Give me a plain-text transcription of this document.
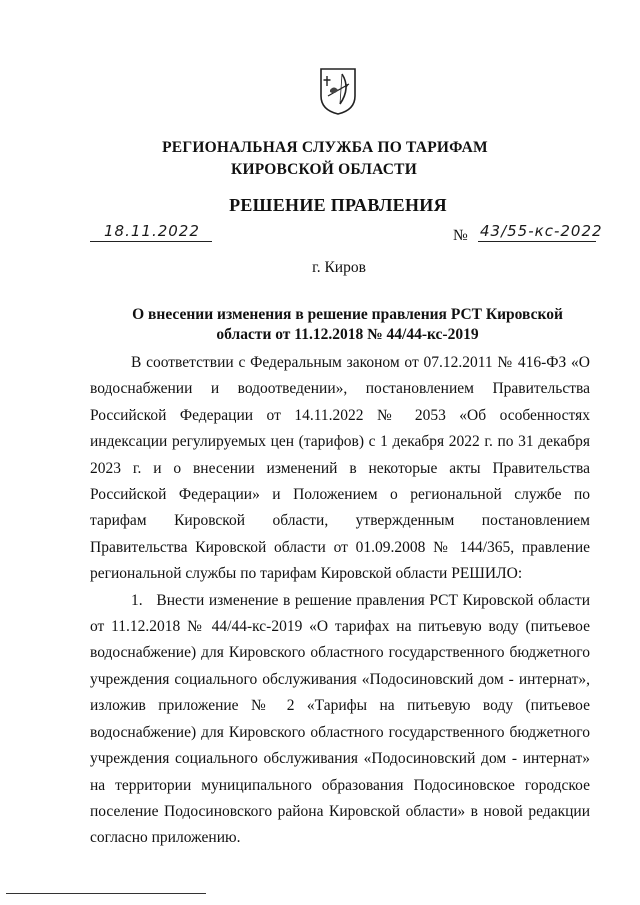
РЕГИОНАЛЬНАЯ СЛУЖБА ПО ТАРИФАМ
КИРОВСКОЙ ОБЛАСТИ
РЕШЕНИЕ ПРАВЛЕНИЯ
18.11.2022	№ 43/55-кс-2022
г. Киров
О внесении изменения в решение правления РСТ Кировской области от 11.12.2018 № 44/44-кс-2019

В соответствии с Федеральным законом от 07.12.2011 № 416-ФЗ «О водоснабжении и водоотведении», постановлением Правительства Российской Федерации от 14.11.2022 № 2053 «Об особенностях индексации регулируемых цен (тарифов) с 1 декабря 2022 г. по 31 декабря 2023 г. и о внесении изменений в некоторые акты Правительства Российской Федерации» и Положением о региональной службе по тарифам Кировской области, утвержденным постановлением Правительства Кировской области от 01.09.2008 № 144/365, правление региональной службы по тарифам Кировской области РЕШИЛО:

1.   Внести изменение в решение правления РСТ Кировской области от 11.12.2018 № 44/44-кс-2019 «О тарифах на питьевую воду (питьевое водоснабжение) для Кировского областного государственного бюджетного учреждения социального обслуживания «Подосиновский дом - интернат», изложив приложение № 2 «Тарифы на питьевую воду (питьевое водоснабжение) для Кировского областного государственного бюджетного учреждения социального обслуживания «Подосиновский дом - интернат» на территории муниципального образования Подосиновское городское поселение Подосиновского района Кировской области» в новой редакции согласно приложению.
